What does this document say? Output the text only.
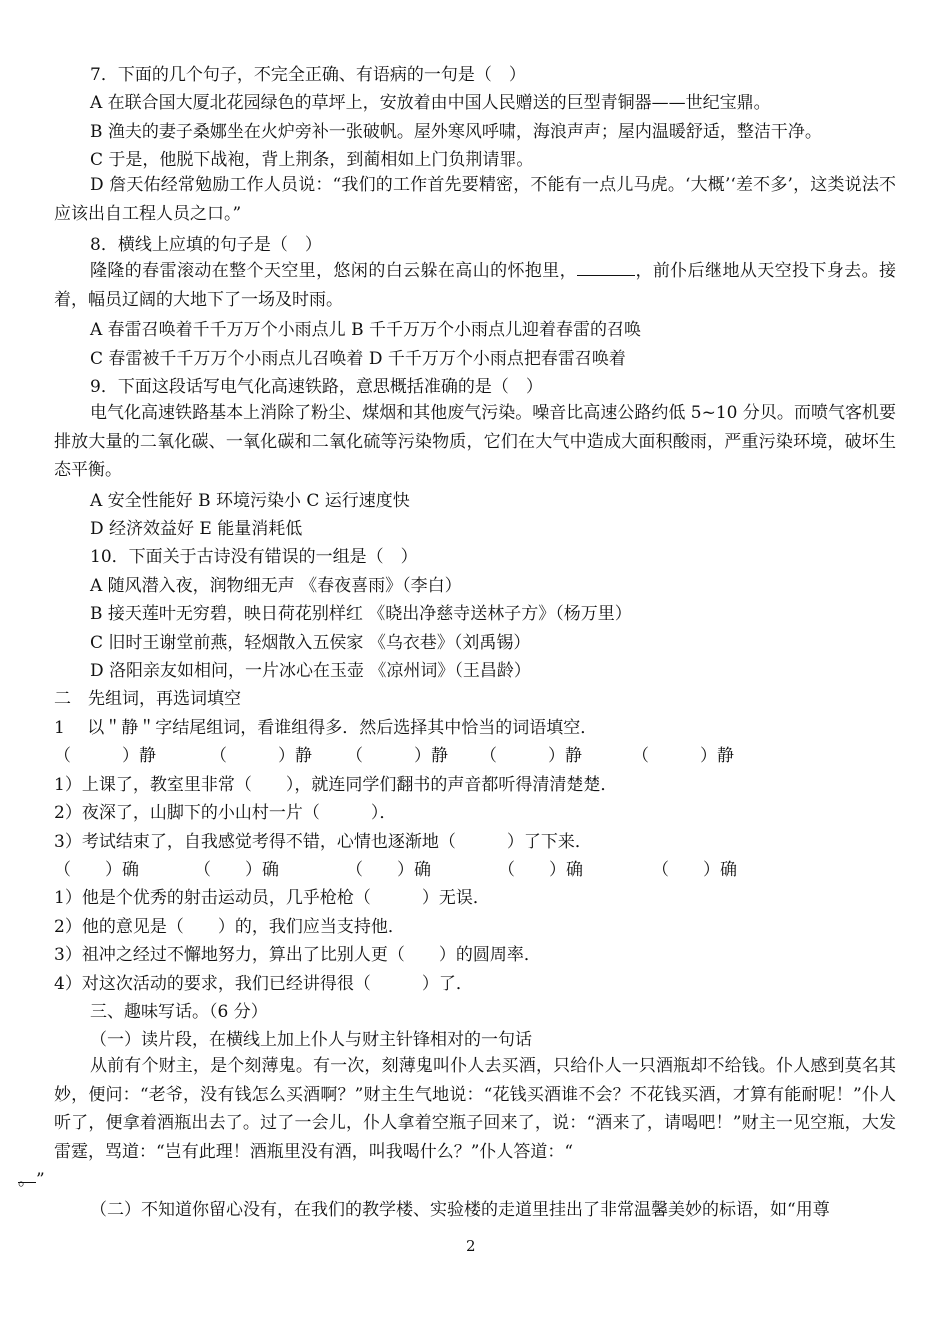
7．下面的几个句子，不完全正确、有语病的一句是（　）
A 在联合国大厦北花园绿色的草坪上，安放着由中国人民赠送的巨型青铜器——世纪宝鼎。
B 渔夫的妻子桑娜坐在火炉旁补一张破帆。屋外寒风呼啸，海浪声声；屋内温暖舒适，整洁干净。
C 于是，他脱下战袍，背上荆条，到蔺相如上门负荆请罪。
D 詹天佑经常勉励工作人员说：“我们的工作首先要精密，不能有一点儿马虎。‘大概’‘差不多’，这类说法不应该出自工程人员之口。”
8．横线上应填的句子是（　）
隆隆的春雷滚动在整个天空里，悠闲的白云躲在高山的怀抱里，	，前仆后继地从天空投下身去。接着，幅员辽阔的大地下了一场及时雨。
A 春雷召唤着千千万万个小雨点儿 B 千千万万个小雨点儿迎着春雷的召唤
C 春雷被千千万万个小雨点儿召唤着 D 千千万万个小雨点把春雷召唤着
9．下面这段话写电气化高速铁路，意思概括准确的是（　）
电气化高速铁路基本上消除了粉尘、煤烟和其他废气污染。噪音比高速公路约低 5~10 分贝。而喷气客机要排放大量的二氧化碳、一氧化碳和二氧化硫等污染物质，它们在大气中造成大面积酸雨，严重污染环境，破坏生态平衡。
A 安全性能好 B 环境污染小 C 运行速度快
D 经济效益好 E 能量消耗低
10．下面关于古诗没有错误的一组是（　）
A 随风潜入夜，润物细无声 《春夜喜雨》（李白）
B 接天莲叶无穷碧，映日荷花别样红 《晓出净慈寺送林子方》（杨万里）
C 旧时王谢堂前燕，轻烟散入五侯家 《乌衣巷》（刘禹锡）
D 洛阳亲友如相问，一片冰心在玉壶 《凉州词》（王昌龄）
二　先组词，再选词填空
1　 以＂静＂字结尾组词，看谁组得多．然后选择其中恰当的词语填空．
（　　　）静	（　　　）静 （　　　）静 （　　　）静	（　　　）静
1）上课了，教室里非常（　　），就连同学们翻书的声音都听得清清楚楚．
2）夜深了，山脚下的小山村一片（　　　）．
3）考试结束了，自我感觉考得不错，心情也逐渐地（　　　）了下来．
（　　）确	（　　）确	（　　）确	（　　）确	（　　）确
1）他是个优秀的射击运动员，几乎枪枪（　　　）无误．
2）他的意见是（　　）的，我们应当支持他．
3）祖冲之经过不懈地努力，算出了比别人更（　　）的圆周率．
4）对这次活动的要求，我们已经讲得很（　　　）了．
三、趣味写话。（6 分）
（一）读片段，在横线上加上仆人与财主针锋相对的一句话
从前有个财主，是个刻薄鬼。有一次，刻薄鬼叫仆人去买酒，只给仆人一只酒瓶却不给钱。仆人感到莫名其妙，便问：“老爷，没有钱怎么买酒啊？”财主生气地说：“花钱买酒谁不会？不花钱买酒，才算有能耐呢！”仆人听了，便拿着酒瓶出去了。过了一会儿，仆人拿着空瓶子回来了，说：“酒来了，请喝吧！”财主一见空瓶，大发雷霆，骂道：“岂有此理！酒瓶里没有酒，叫我喝什么？”仆人答道：“
。”
（二）不知道你留心没有，在我们的教学楼、实验楼的走道里挂出了非常温馨美妙的标语，如“用尊
2
